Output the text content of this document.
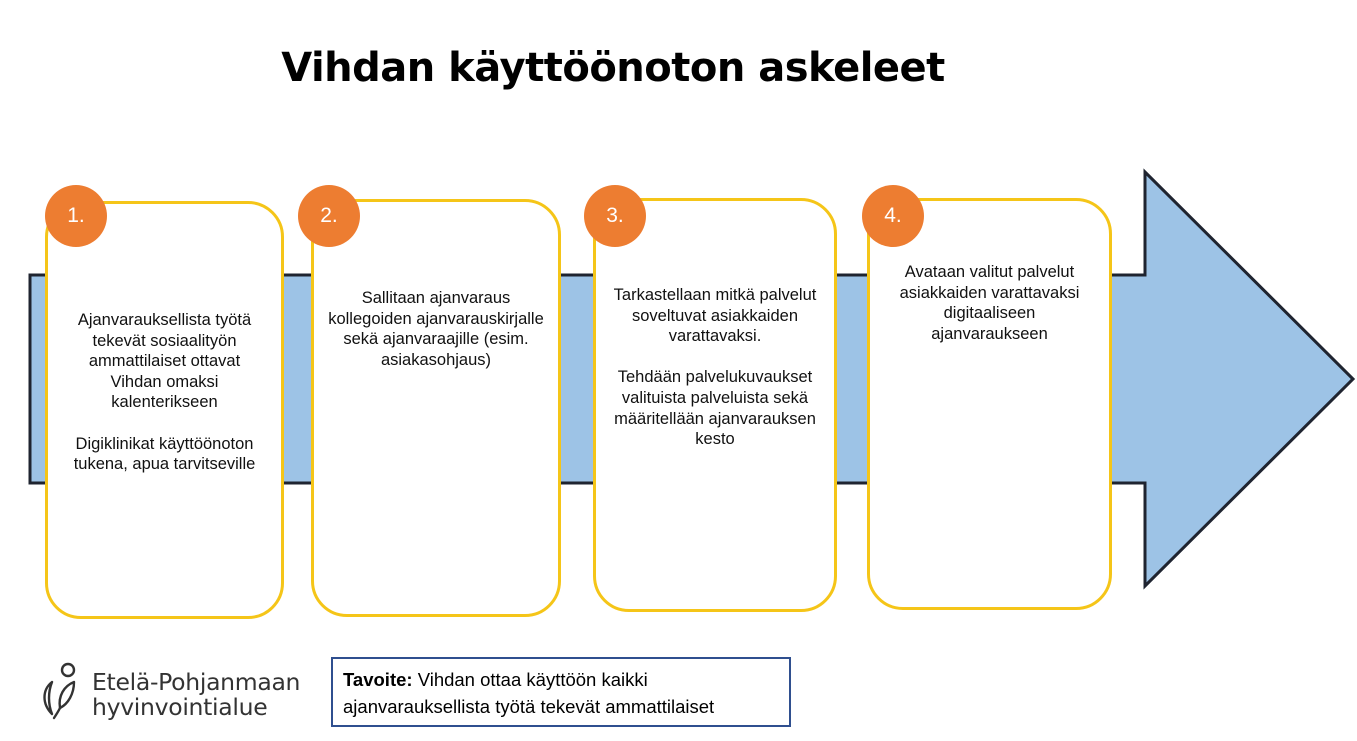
Vihdan käyttöönoton askeleet

Ajanvarauksellista työtä tekevät sosiaalityön ammattilaiset ottavat Vihdan omaksi kalenterikseen

Digiklinikat käyttöönoton tukena, apua tarvitseville

1.

Sallitaan ajanvaraus kollegoiden ajanvarauskirjalle sekä ajanvaraajille (esim. asiakasohjaus)

2.

Tarkastellaan mitkä palvelut soveltuvat asiakkaiden varattavaksi.

Tehdään palvelukuvaukset valituista palveluista sekä määritellään ajanvarauksen kesto

3.

Avataan valitut palvelut asiakkaiden varattavaksi digitaaliseen ajanvaraukseen

4.
Tavoite: Vihdan ottaa käyttöön kaikki ajanvarauksellista työtä tekevät ammattilaiset
Etelä-Pohjanmaan
hyvinvointialue
